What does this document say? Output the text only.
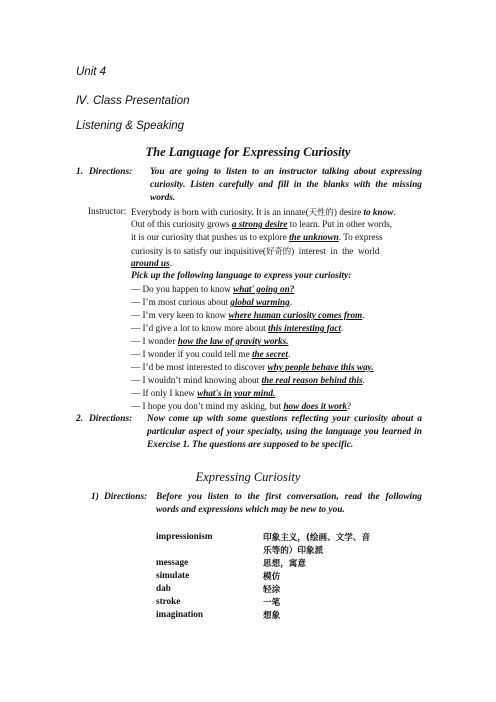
Unit 4
Ⅳ. Class Presentation
Listening & Speaking
The Language for Expressing Curiosity
1. Directions: You are going to listen to an instructor talking about expressing
curiosity. Listen carefully and fill in the blanks with the missing
words.
Instructor: Everybody is born with curiosity. It is an innate(天性的) desire to know.
Out of this curiosity grows a strong desire to learn. Put in other words,
it is our curiosity that pushes us to explore the unknown. To express
curiosity is to satisfy our inquisitive(好奇的)  interest  in  the  world
around us.
Pick up the following language to express your curiosity:
— Do you happen to know what' going on?
— I’m most curious about global warming.
— I’m very keen to know where human curiosity comes from.
— I’d give a lot to know more about this interesting fact.
— I wonder how the law of gravity works.
— I wonder if you could tell me the secret.
— I’d be most interested to discover why people behave this way.
— I wouldn’t mind knowing about the real reason behind this.
— If only I knew what's in your mind.
— I hope you don’t mind my asking, but how does it work?
2. Directions: Now come up with some questions reflecting your curiosity about a
particular aspect of your specialty, using the language you learned in
Exercise 1. The questions are supposed to be specific.
Expressing Curiosity
1) Directions: Before you listen to the first conversation, read the following
words and expressions which may be new to you.
impressionism	印象主义，(绘画、文学、音
乐等的）印象派
message	思想，寓意
simulate	模仿
dab	轻涂
stroke	一笔
imagination	想象
